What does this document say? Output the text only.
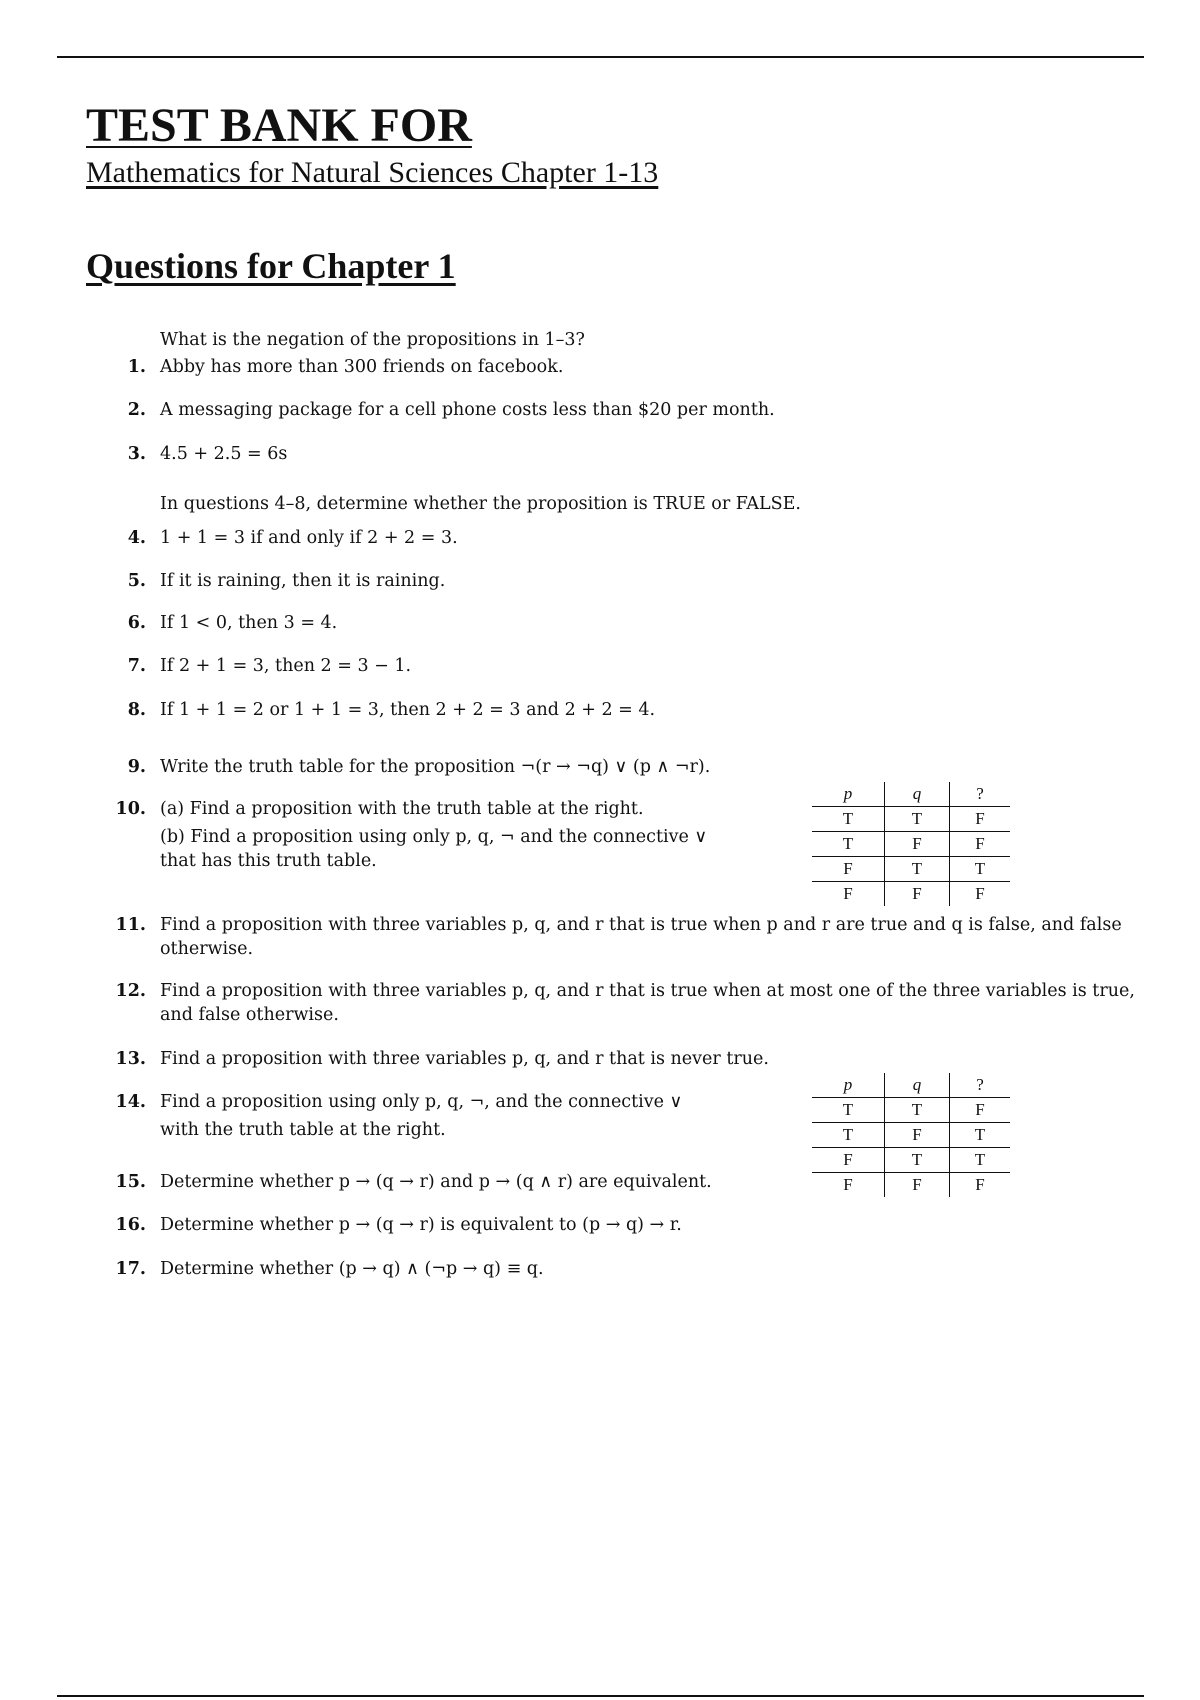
TEST BANK FOR
Mathematics for Natural Sciences Chapter 1-13
Questions for Chapter 1
What is the negation of the propositions in 1–3?
1. Abby has more than 300 friends on facebook.
2. A messaging package for a cell phone costs less than $20 per month.
3. 4.5 + 2.5 = 6s
In questions 4–8, determine whether the proposition is TRUE or FALSE.
4. 1 + 1 = 3 if and only if 2 + 2 = 3.
5. If it is raining, then it is raining.
6. If 1 < 0, then 3 = 4.
7. If 2 + 1 = 3, then 2 = 3 − 1.
8. If 1 + 1 = 2 or 1 + 1 = 3, then 2 + 2 = 3 and 2 + 2 = 4.
9. Write the truth table for the proposition ¬(r → ¬q) ∨ (p ∧ ¬r).
10. (a) Find a proposition with the truth table at the right.
(b) Find a proposition using only p, q, ¬ and the connective ∨
that has this truth table.
p	q	?
T	T	F
T	F	F
F	T	T
F	F	F
11. Find a proposition with three variables p, q, and r that is true when p and r are true and q is false, and false
otherwise.
12. Find a proposition with three variables p, q, and r that is true when at most one of the three variables is true,
and false otherwise.
13. Find a proposition with three variables p, q, and r that is never true.
14. Find a proposition using only p, q, ¬, and the connective ∨
with the truth table at the right.
p	q	?
T	T	F
T	F	T
F	T	T
F	F	F
15. Determine whether p → (q → r) and p → (q ∧ r) are equivalent.
16. Determine whether p → (q → r) is equivalent to (p → q) → r.
17. Determine whether (p → q) ∧ (¬p → q) ≡ q.
